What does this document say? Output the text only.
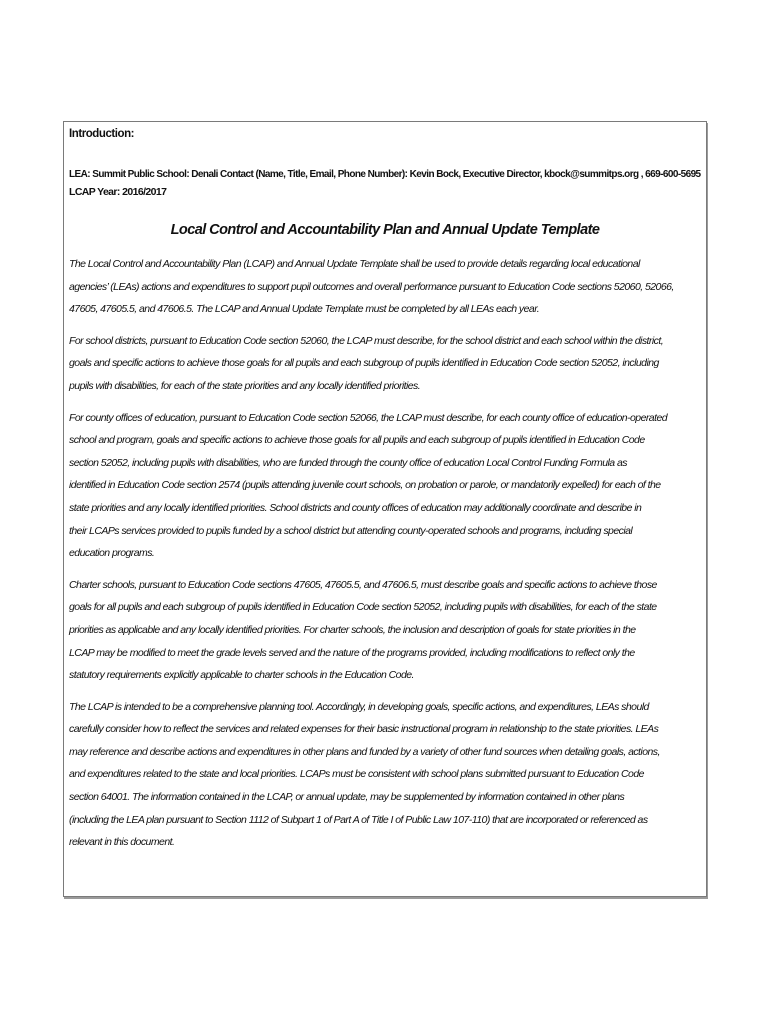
Introduction:
LEA: Summit Public School: Denali Contact (Name, Title, Email, Phone Number): Kevin Bock, Executive Director, kbock@summitps.org , 669-600-5695
LCAP Year: 2016/2017
Local Control and Accountability Plan and Annual Update Template
The Local Control and Accountability Plan (LCAP) and Annual Update Template shall be used to provide details regarding local educational
agencies’ (LEAs) actions and expenditures to support pupil outcomes and overall performance pursuant to Education Code sections 52060, 52066,
47605, 47605.5, and 47606.5. The LCAP and Annual Update Template must be completed by all LEAs each year.
For school districts, pursuant to Education Code section 52060, the LCAP must describe, for the school district and each school within the district,
goals and specific actions to achieve those goals for all pupils and each subgroup of pupils identified in Education Code section 52052, including
pupils with disabilities, for each of the state priorities and any locally identified priorities.
For county offices of education, pursuant to Education Code section 52066, the LCAP must describe, for each county office of education-operated
school and program, goals and specific actions to achieve those goals for all pupils and each subgroup of pupils identified in Education Code
section 52052, including pupils with disabilities, who are funded through the county office of education Local Control Funding Formula as
identified in Education Code section 2574 (pupils attending juvenile court schools, on probation or parole, or mandatorily expelled) for each of the
state priorities and any locally identified priorities. School districts and county offices of education may additionally coordinate and describe in
their LCAPs services provided to pupils funded by a school district but attending county-operated schools and programs, including special
education programs.
Charter schools, pursuant to Education Code sections 47605, 47605.5, and 47606.5, must describe goals and specific actions to achieve those
goals for all pupils and each subgroup of pupils identified in Education Code section 52052, including pupils with disabilities, for each of the state
priorities as applicable and any locally identified priorities. For charter schools, the inclusion and description of goals for state priorities in the
LCAP may be modified to meet the grade levels served and the nature of the programs provided, including modifications to reflect only the
statutory requirements explicitly applicable to charter schools in the Education Code.
The LCAP is intended to be a comprehensive planning tool. Accordingly, in developing goals, specific actions, and expenditures, LEAs should
carefully consider how to reflect the services and related expenses for their basic instructional program in relationship to the state priorities. LEAs
may reference and describe actions and expenditures in other plans and funded by a variety of other fund sources when detailing goals, actions,
and expenditures related to the state and local priorities. LCAPs must be consistent with school plans submitted pursuant to Education Code
section 64001. The information contained in the LCAP, or annual update, may be supplemented by information contained in other plans
(including the LEA plan pursuant to Section 1112 of Subpart 1 of Part A of Title I of Public Law 107-110) that are incorporated or referenced as
relevant in this document.
